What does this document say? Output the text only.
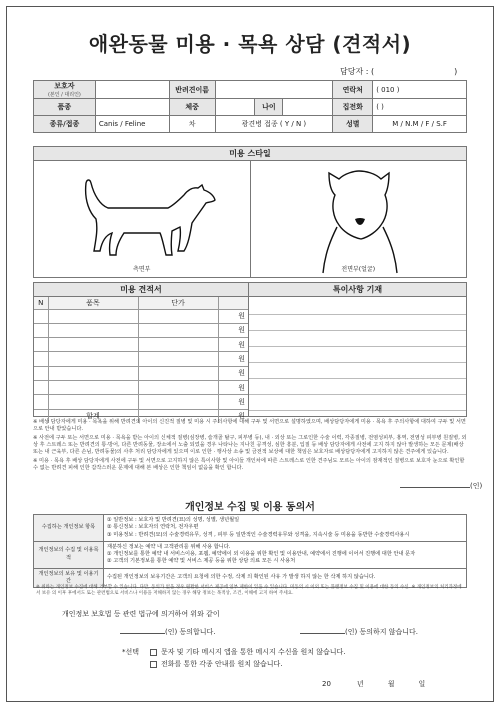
애완동물 미용 · 목욕 상담 (견적서)
담당자 : (	)
보호자
(본인 / 대리인)		반려견이름				연락처	( 010 )
품종		체중		나이		집전화	( )
종류/접종	Canis / Feline	차	광견병 접종 ( Y / N )			성별	M / N.M / F / S.F
미용 스타일
측면부	전면부(얼굴)
미용 견적서
N	품목	단가	
			원
			원
			원
			원
			원
			원
			원
	합계		원
특이사항 기재

※ 배상 담당자에게 미용 · 목욕을 위해 반려견의 아이의 신진적 질병 및 미용 시 주의사항에 대해 구두 및 서면으로 설명하였으며, 배상담당자에게 미용 · 목욕 후 주의사항에 대하여 구두 및 서면으로 안내 받았습니다.

※ 사전에 구두 또는 서면으로 미용 · 목욕을 받는 아이의 신체적 질병(심장병, 슬개골 탈구, 피부병 등), 내 · 외상 또는 그로인한 수술 이력, 각종질병, 전염성피부, 홍역, 전염성 피부병 원질병, 외상 후 스트레스 또는 반려견의 통·방어, 다른 반려동물, 장소에서 노출 되었을 경우 나타나는 지나친 공격성, 심한 흥분, 입질 등 배상 담당자에게 사전에 고지 하지 않아 발생하는 모든 문제(배상 또는 내 근육부, 다른 손님, 반려동물)의 사후 처리 담당자에게 있으며 이로 인한 · 행사상 소송 및 금전적 보상에 대한 책임은 보호자로 배상담당자에게 고지하지 않은 견주에게 있습니다.

※ 미용 · 목욕 후 배상 담당자에게 사전에 구두 및 서면으로 고지하지 않은 특이사항 및 아이들 개인차에 따른 스트레스로 인한 견주님도 모르는 아이의 잠재적인 질병으로 보호자 눈으로 확인할 수 없는 반려견 피해 인한 갑작스러운 문제에 대해 본 배상은 인한 책임이 없음을 확인 합니다.

(인)
개인정보 수집 및 이용 동의서
수집하는 개인정보 항목	① 일반정보 : 보호자 및 반려견(묘)의 성명, 성별, 생년월일
② 통신정보 : 보호자의 연락처, 전자우편
③ 미용정보 : 반려견(묘)의 수술경력유무, 성격 , 피부 등 일반적인 수술경력유무와 성격을, 지속시술 등 미용을 동반한 수술경력사용시
개인정보의 수집 및 이용목적	재분하신 정보는 예약 내 고객관리를 위해 사용 합니다.
① 개인정보를 통한 예약 내 서비스이용, 포웹, 예약에이 외 이용을 위한 확인 및 이용안내, 예약에서 진행에 이어서 진행에 대한 안내 문자
② 고객의 기본정보를 통한 예약 및 서비스 제공 등을 위한 상담 의료 모든 시 사용처
개인정보의 보유 및 이용기간	수집된 개인정보의 보유기간은 고객의 요청에 의한 수정, 삭제 의 확인된 사유 가 발생 하지 않는 한 삭제 하지 않습니다.
※ 위와는 개인정보 수집에 대해 거부할 수 있습니다. 다만, 동의가 없을 경우 원활한 서비스 제공에 일부 제한이 있을 수 있습니다. 미동의 시 이외 또는 플랜정보 수집 및 이용에 대한 동의 수신. ※ 개인정보의 처리과정에서 보유 의 이후 후에서도 또는 관련법으로 서비스나 이용을 저해하지 않는 경우 해당 정보는 목적상, 조건, 이해에 고지 하여 주세요.
개인정보 보호법 등 관련 법규에 의거하여 위와 같이
(인) 동의합니다.	(인) 동의하지 않습니다.
*선택	문자 및 기타 메시지 앱을 통한 메시지 수신을 원치 않습니다.
전화를 통한 각종 안내를 원치 않습니다.
20	년	월	일
